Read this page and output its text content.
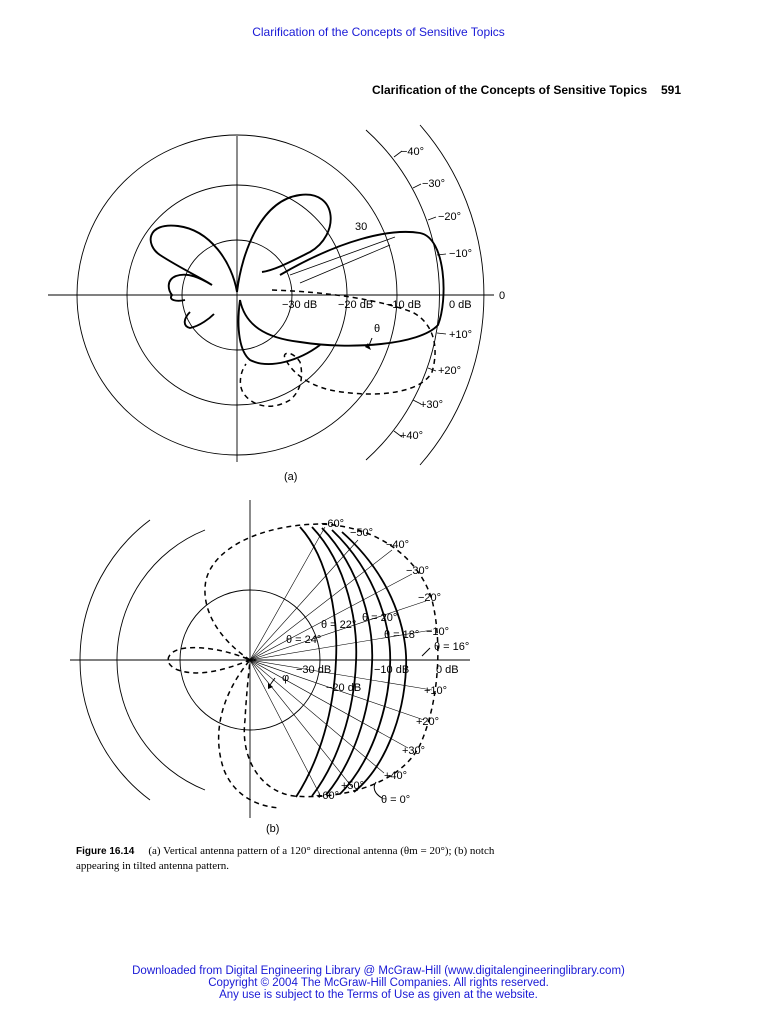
Clarification of the Concepts of Sensitive Topics
Clarification of the Concepts of Sensitive Topics 591
−30 dB −20 dB −10 dB	0 dB
−40°
−30°
−20°
−10°
0
+10°
+20°
+30°
+40°
30
θ
(a)
−60°
−50°
−40°
−30°
−20°
−10°
+10°
+20°
+30°
+40°
+50°
+60°
−30 dB
−20 dB
−10 dB 0 dB
θ = 24°
θ = 22°
θ = 20°
θ = 18°
θ = 16°
θ = 0°
φ
(b)
Figure 16.14 (a) Vertical antenna pattern of a 120° directional antenna (θm = 20°); (b) notch appearing in tilted antenna pattern.
Downloaded from Digital Engineering Library @ McGraw-Hill (www.digitalengineeringlibrary.com)
Copyright © 2004 The McGraw-Hill Companies. All rights reserved.
Any use is subject to the Terms of Use as given at the website.
